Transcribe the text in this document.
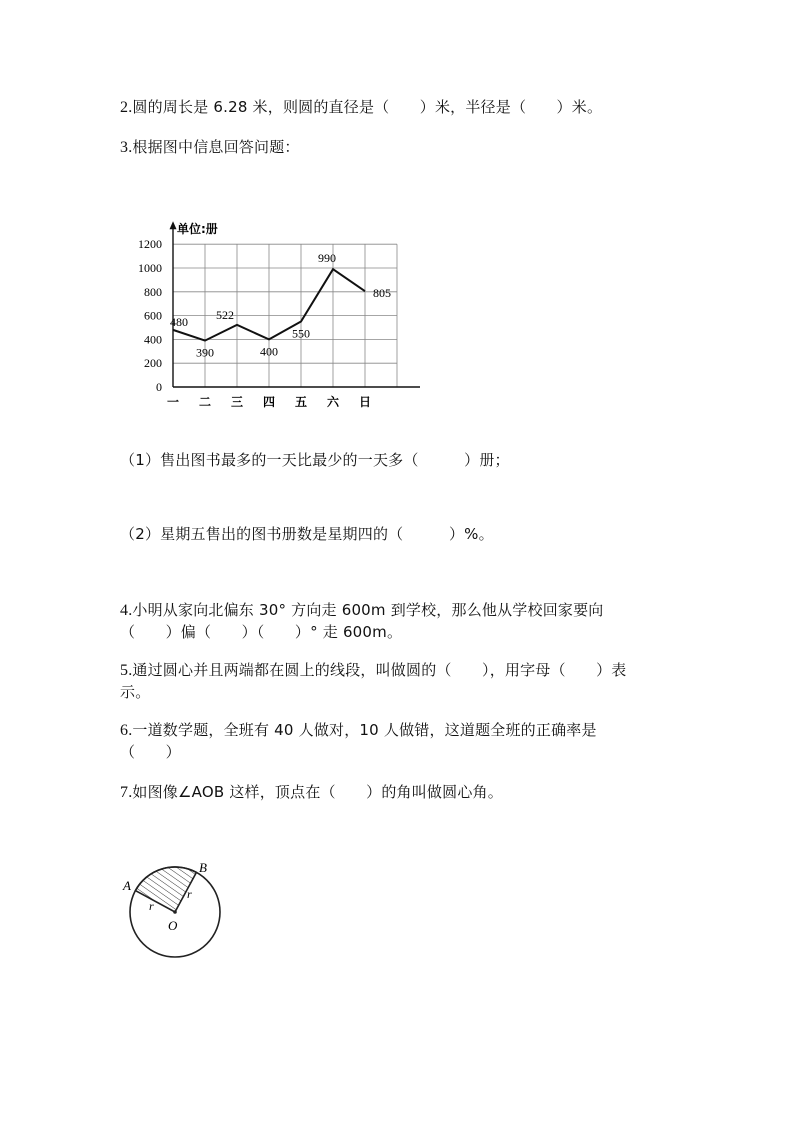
2.圆的周长是 6.28 米，则圆的直径是（　　）米，半径是（　　）米。
3.根据图中信息回答问题：
单位:册
0
200
400
600
800
1000
1200
一 二 三 四 五 六 日
480
390
522
400
550
990
805
（1）售出图书最多的一天比最少的一天多（　　　）册；
（2）星期五售出的图书册数是星期四的（　　　）%。
4.小明从家向北偏东 30° 方向走 600m 到学校，那么他从学校回家要向
（　　）偏（　　）（　　）° 走 600m。
5.通过圆心并且两端都在圆上的线段，叫做圆的（　　），用字母（　　）表
示。
6.一道数学题，全班有 40 人做对，10 人做错，这道题全班的正确率是
（　　）
7.如图像∠AOB 这样，顶点在（　　）的角叫做圆心角。
A
B
O
r
r
